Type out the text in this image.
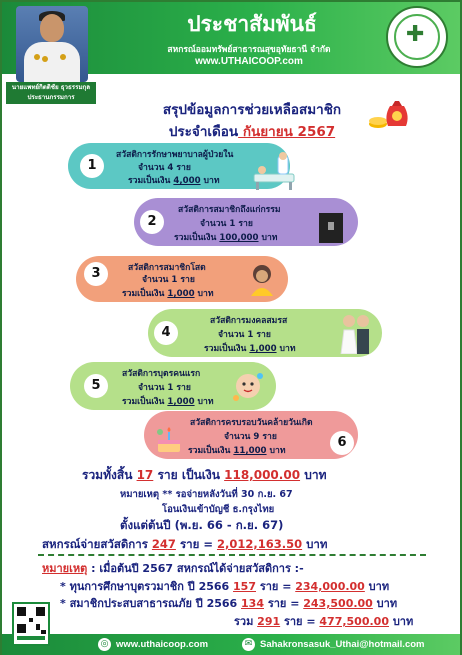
นายแพทย์กิตติชัย ธุวธรรมกุล
ประธานกรรมการ
ประชาสัมพันธ์
สหกรณ์ออมทรัพย์สาธารณสุขอุทัยธานี จำกัด
www.UTHAICOOP.com
✚
สรุปข้อมูลการช่วยเหลือสมาชิก
ประจำเดือน กันยายน 2567
1
สวัสดิการรักษาพยาบาลผู้ป่วยใน
จำนวน 4 ราย
รวมเป็นเงิน 4,000 บาท
2
สวัสดิการสมาชิกถึงแก่กรรม
จำนวน 1 ราย
รวมเป็นเงิน 100,000 บาท
3	สวัสดิการสมาชิกโสด
จำนวน 1 ราย
รวมเป็นเงิน 1,000 บาท
4
สวัสดิการมงคลสมรส
จำนวน 1 ราย
รวมเป็นเงิน 1,000 บาท
5
สวัสดิการบุตรคนแรก
จำนวน 1 ราย
รวมเป็นเงิน 1,000 บาท
สวัสดิการครบรอบวันคล้ายวันเกิด
จำนวน 9 ราย
รวมเป็นเงิน 11,000 บาท
6
รวมทั้งสิ้น 17 ราย เป็นเงิน 118,000.00 บาท
หมายเหตุ ** รอจ่ายหลังวันที่ 30 ก.ย. 67
โอนเงินเข้าบัญชี ธ.กรุงไทย
ตั้งแต่ต้นปี (พ.ย. 66 - ก.ย. 67)
สหกรณ์จ่ายสวัสดิการ 247 ราย = 2,012,163.50 บาท
หมายเหตุ : เมื่อต้นปี 2567 สหกรณ์ได้จ่ายสวัสดิการ :-
* ทุนการศึกษาบุตรวมาชิก ปี 2566 157 ราย = 234,000.00 บาท
* สมาชิกประสบสาธารณภัย ปี 2566 134 ราย = 243,500.00 บาท
รวม 291 ราย = 477,500.00 บาท
◎ www.uthaicoop.com	✉ Sahakronsasuk_Uthai@hotmail.com
